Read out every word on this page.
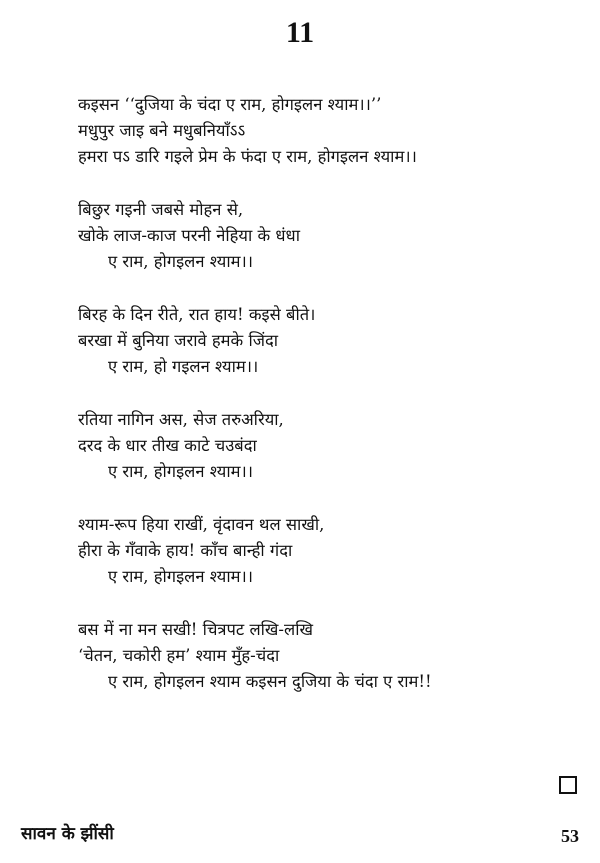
11
कइसन ‘‘दुजिया के चंदा ए राम, होगइलन श्याम।।’’
मधुपुर जाइ बने मधुबनियाँऽऽ
हमरा पऽ डारि गइले प्रेम के फंदा ए राम, होगइलन श्याम।।
बिछुर गइनी जबसे मोहन से,
खोके लाज-काज परनी नेहिया के धंधा
ए राम, होगइलन श्याम।।
बिरह के दिन रीते, रात हाय! कइसे बीते।
बरखा में बुनिया जरावे हमके जिंदा
ए राम, हो गइलन श्याम।।
रतिया नागिन अस, सेज तरुअरिया,
दरद के धार तीख काटे चउबंदा
ए राम, होगइलन श्याम।।
श्याम-रूप हिया राखीं, वृंदावन थल साखी,
हीरा के गँवाके हाय! काँच बान्ही गंदा
ए राम, होगइलन श्याम।।
बस में ना मन सखी! चित्रपट लखि-लखि
‘चेतन, चकोरी हम’ श्याम मुँह-चंदा
ए राम, होगइलन श्याम कइसन दुजिया के चंदा ए राम!!
सावन के झींसी	53
